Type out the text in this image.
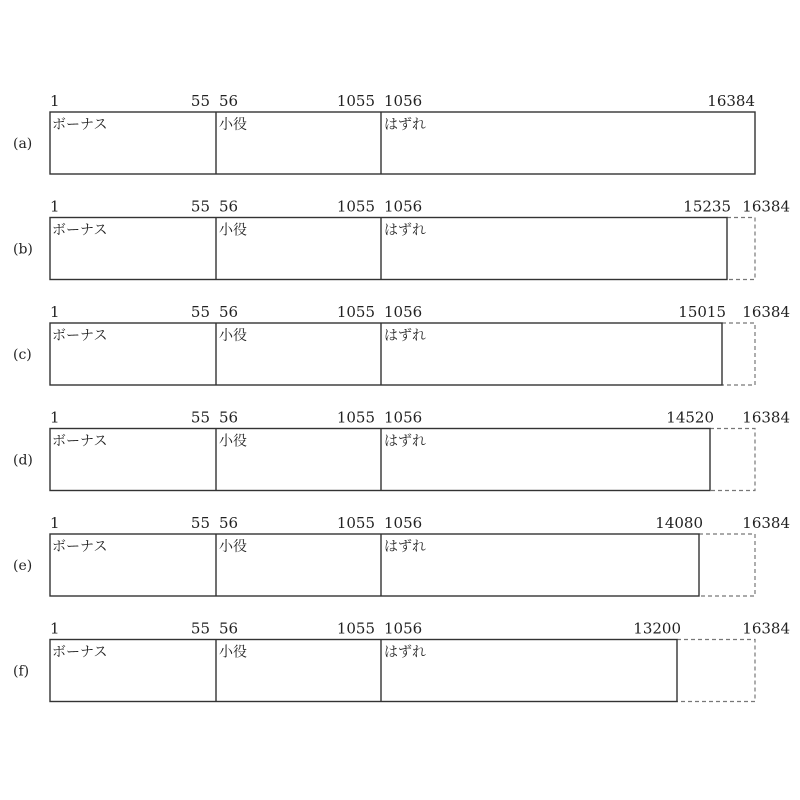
(a)
1	55 56	1055 1056	16384
ボーナス	小役	はずれ
(b)
1	55 56	1055 1056	15235 16384
ボーナス	小役	はずれ
(c)
1	55 56	1055 1056	15015 16384
ボーナス	小役	はずれ
(d)
1	55 56	1055 1056	14520 16384
ボーナス	小役	はずれ
(e)
1	55 56	1055 1056	14080	16384
ボーナス	小役	はずれ
(f)
1	55 56	1055 1056	13200	16384
ボーナス	小役	はずれ
